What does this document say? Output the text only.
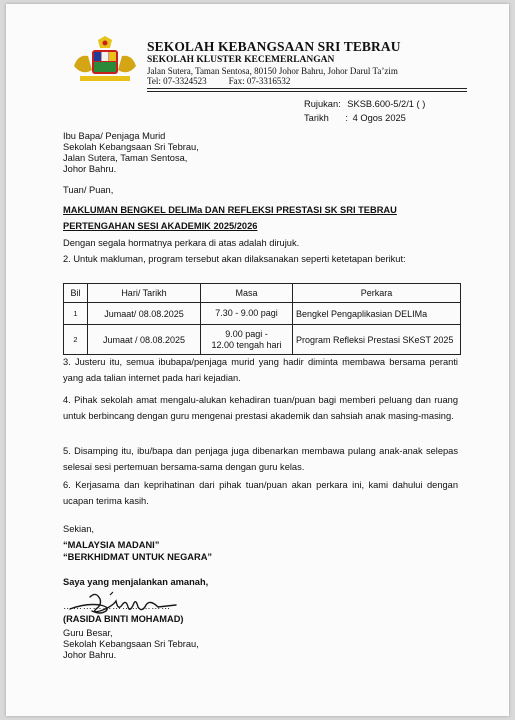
SEKOLAH KEBANGSAAN SRI TEBRAU
SEKOLAH KLUSTER KECEMERLANGAN
Jalan Sutera, Taman Sentosa, 80150 Johor Bahru, Johor Darul Ta’zim
Tel: 07-3324523 Fax: 07-3316532
Rujukan: SKSB.600-5/2/1 ( )
Tarikh : 4 Ogos 2025
Ibu Bapa/ Penjaga Murid
Sekolah Kebangsaan Sri Tebrau,
Jalan Sutera, Taman Sentosa,
Johor Bahru.
Tuan/ Puan,
MAKLUMAN BENGKEL DELIMa DAN REFLEKSI PRESTASI SK SRI TEBRAU
PERTENGAHAN SESI AKADEMIK 2025/2026
Dengan segala hormatnya perkara di atas adalah dirujuk.
2. Untuk makluman, program tersebut akan dilaksanakan seperti ketetapan berikut:
Bil	Hari/ Tarikh	Masa	Perkara
1	Jumaat/ 08.08.2025	7.30 - 9.00 pagi	Bengkel Pengaplikasian DELIMa
2	Jumaat / 08.08.2025	9.00 pagi -
12.00 tengah hari	Program Refleksi Prestasi SKeST 2025
3. Justeru itu, semua ibubapa/penjaga murid yang hadir diminta membawa bersama peranti yang ada talian internet pada hari kejadian.
4. Pihak sekolah amat mengalu-alukan kehadiran tuan/puan bagi memberi peluang dan ruang untuk berbincang dengan guru mengenai prestasi akademik dan sahsiah anak masing-masing.
5. Disamping itu, ibu/bapa dan penjaga juga dibenarkan membawa pulang anak-anak selepas selesai sesi pertemuan bersama-sama dengan guru kelas.
6. Kerjasama dan keprihatinan dari pihak tuan/puan akan perkara ini, kami dahului dengan ucapan terima kasih.
Sekian,
“MALAYSIA MADANI”
“BERKHIDMAT UNTUK NEGARA”
Saya yang menjalankan amanah,
……………………………
(RASIDA BINTI MOHAMAD)
Guru Besar,
Sekolah Kebangsaan Sri Tebrau,
Johor Bahru.
